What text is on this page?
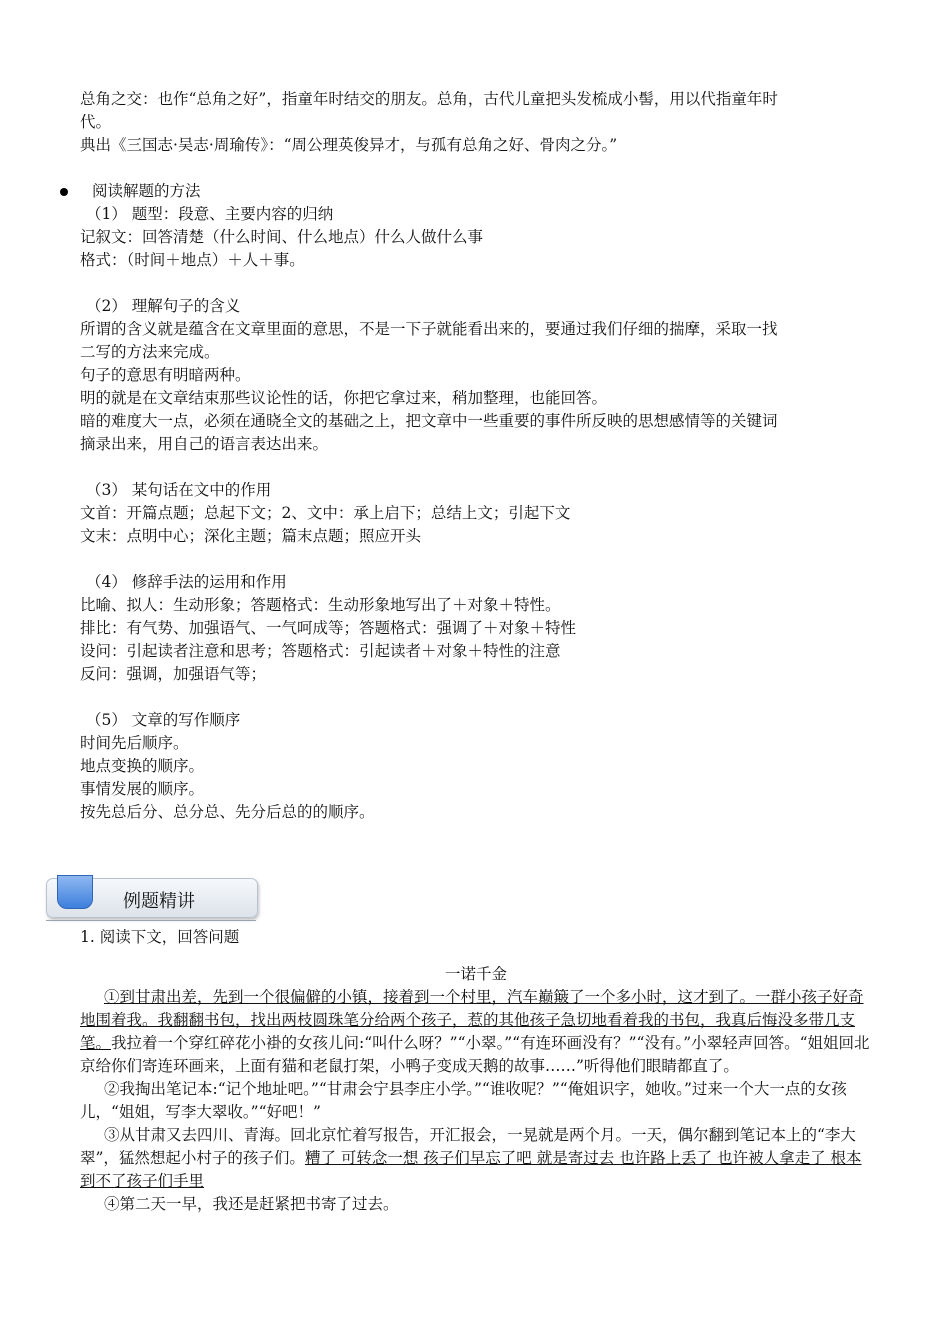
总角之交：也作“总角之好”，指童年时结交的朋友。总角，古代儿童把头发梳成小髻，用以代指童年时
代。
典出《三国志·吴志·周瑜传》：“周公理英俊异才，与孤有总角之好、骨肉之分。”
阅读解题的方法
（1） 题型：段意、主要内容的归纳
记叙文：回答清楚（什么时间、什么地点）什么人做什么事
格式：（时间＋地点）＋人＋事。
（2） 理解句子的含义
所谓的含义就是蕴含在文章里面的意思，不是一下子就能看出来的，要通过我们仔细的揣摩，采取一找
二写的方法来完成。
句子的意思有明暗两种。
明的就是在文章结束那些议论性的话，你把它拿过来，稍加整理，也能回答。
暗的难度大一点，必须在通晓全文的基础之上，把文章中一些重要的事件所反映的思想感情等的关键词
摘录出来，用自己的语言表达出来。
（3） 某句话在文中的作用
文首：开篇点题；总起下文；2、文中：承上启下；总结上文；引起下文
文末：点明中心；深化主题；篇末点题；照应开头
（4） 修辞手法的运用和作用
比喻、拟人：生动形象；答题格式：生动形象地写出了＋对象＋特性。
排比：有气势、加强语气、一气呵成等；答题格式：强调了＋对象＋特性
设问：引起读者注意和思考；答题格式：引起读者＋对象＋特性的注意
反问：强调，加强语气等；
（5） 文章的写作顺序
时间先后顺序。
地点变换的顺序。
事情发展的顺序。
按先总后分、总分总、先分后总的的顺序。
例题精讲
1. 阅读下文，回答问题
一诺千金
①到甘肃出差，先到一个很偏僻的小镇，接着到一个村里，汽车巅簸了一个多小时，这才到了。一群小孩子好奇地围着我。我翻翻书包，找出两枝圆珠笔分给两个孩子，惹的其他孩子急切地看着我的书包，我真后悔没多带几支笔。我拉着一个穿红碎花小褂的女孩儿问:“叫什么呀？”“小翠。”“有连环画没有？”“没有。”小翠轻声回答。“姐姐回北京给你们寄连环画来，上面有猫和老鼠打架，小鸭子变成天鹅的故事……”听得他们眼睛都直了。
②我掏出笔记本:“记个地址吧。”“甘肃会宁县李庄小学。”“谁收呢？”“俺姐识字，她收。”过来一个大一点的女孩儿，“姐姐，写李大翠收。”“好吧！”
③从甘肃又去四川、青海。回北京忙着写报告，开汇报会，一晃就是两个月。一天，偶尔翻到笔记本上的“李大翠”，猛然想起小村子的孩子们。糟了 可转念一想 孩子们早忘了吧 就是寄过去 也许路上丢了 也许被人拿走了 根本到不了孩子们手里
④第二天一早，我还是赶紧把书寄了过去。
